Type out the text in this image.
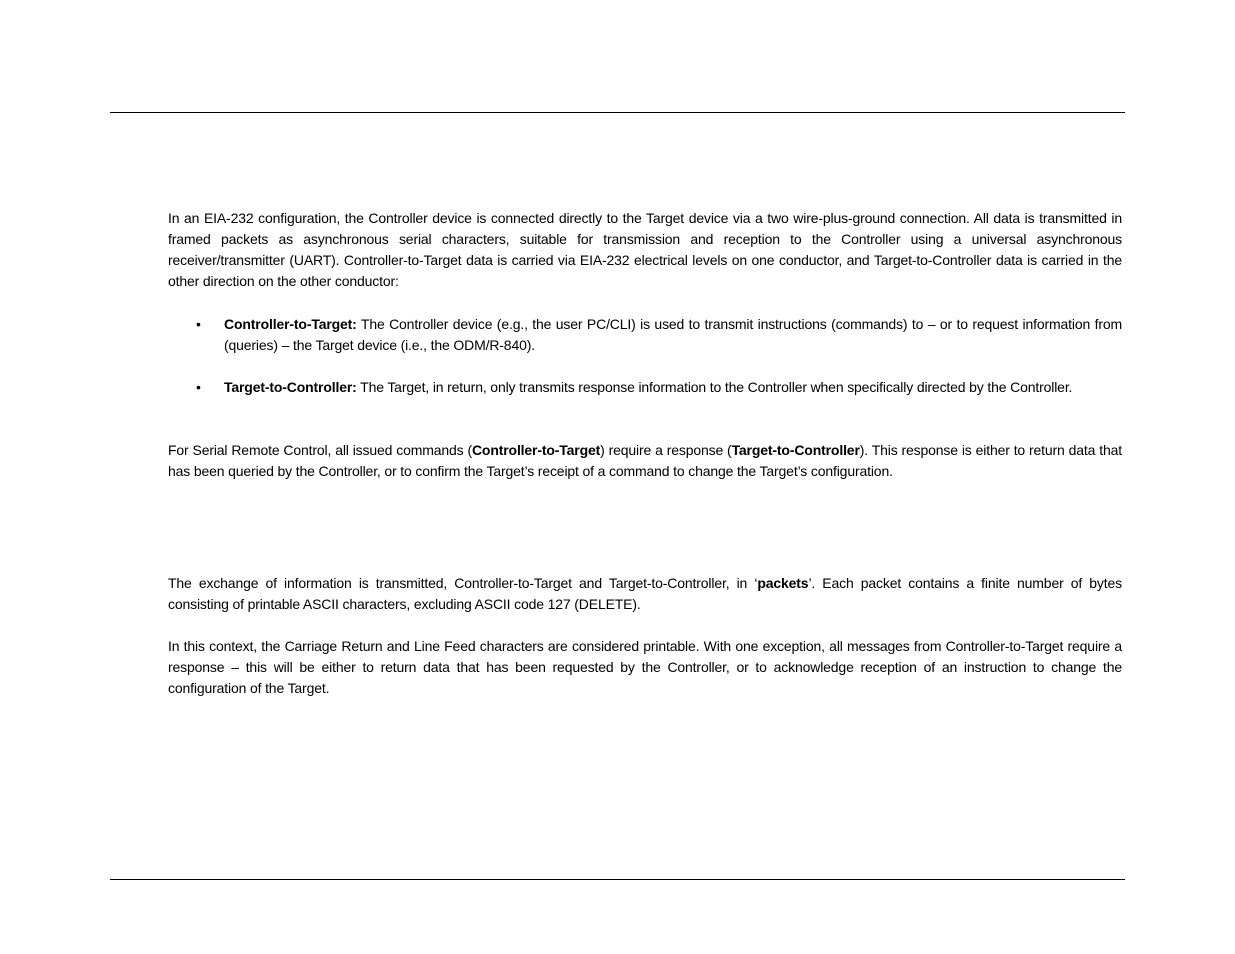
In an EIA-232 configuration, the Controller device is connected directly to the Target device via a two wire-plus-ground connection. All data is transmitted in framed packets as asynchronous serial characters, suitable for transmission and reception to the Controller using a universal asynchronous receiver/transmitter (UART). Controller-to-Target data is carried via EIA-232 electrical levels on one conductor, and Target-to-Controller data is carried in the other direction on the other conductor:

•	Controller-to-Target: The Controller device (e.g., the user PC/CLI) is used to transmit instructions (commands) to – or to request information from (queries) – the Target device (i.e., the ODM/R-840).
•	Target-to-Controller: The Target, in return, only transmits response information to the Controller when specifically directed by the Controller.

For Serial Remote Control, all issued commands (Controller-to-Target) require a response (Target-to-Controller). This response is either to return data that has been queried by the Controller, or to confirm the Target’s receipt of a command to change the Target’s configuration.

The exchange of information is transmitted, Controller-to-Target and Target-to-Controller, in ‘packets’. Each packet contains a finite number of bytes consisting of printable ASCII characters, excluding ASCII code 127 (DELETE).

In this context, the Carriage Return and Line Feed characters are considered printable. With one exception, all messages from Controller-to-Target require a response – this will be either to return data that has been requested by the Controller, or to acknowledge reception of an instruction to change the configuration of the Target.
